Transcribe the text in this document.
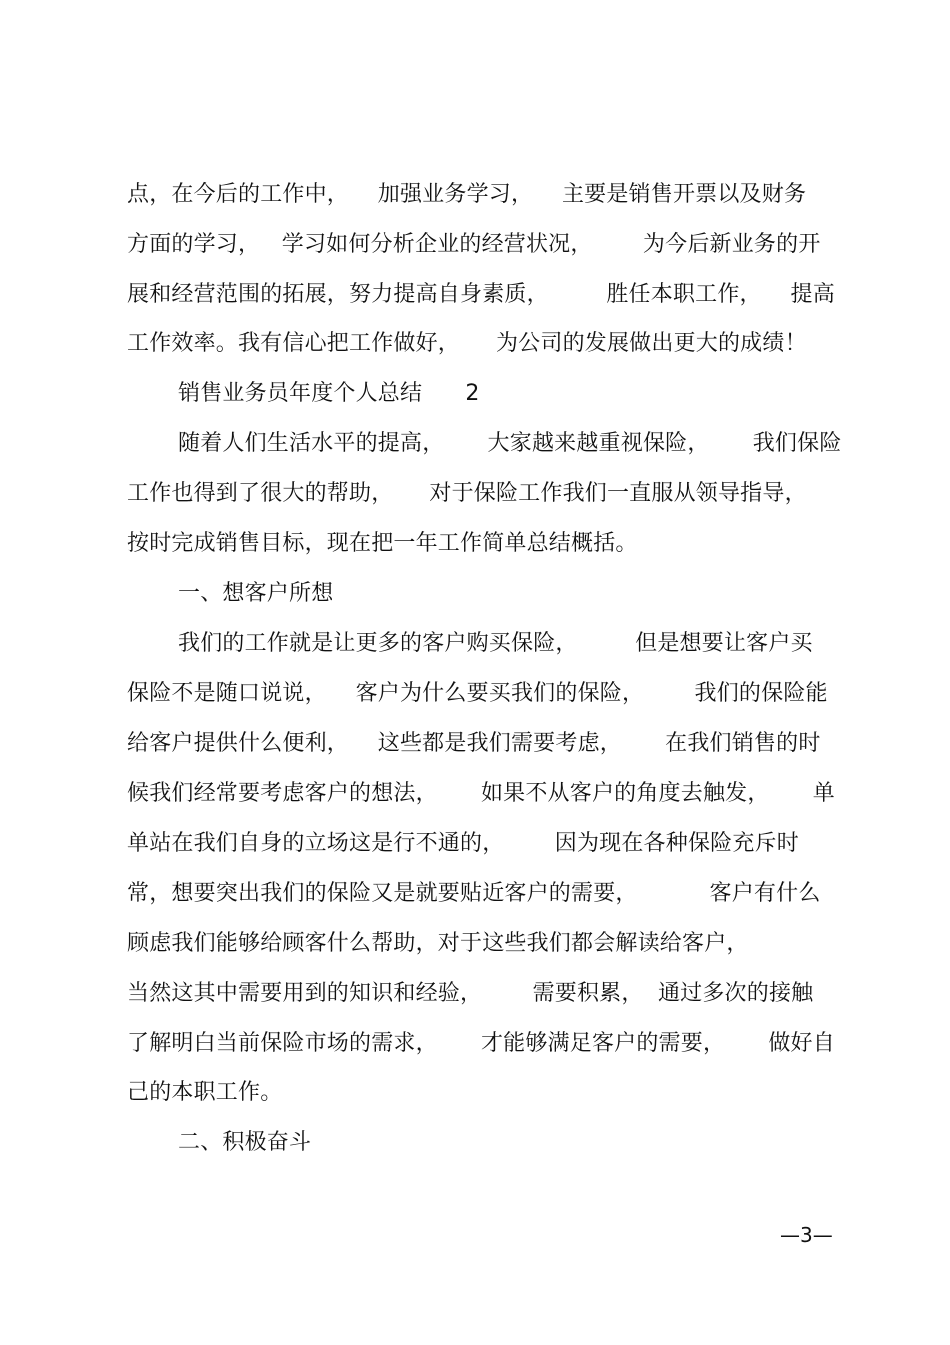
点，在今后的工作中，    加强业务学习，    主要是销售开票以及财务
方面的学习，   学习如何分析企业的经营状况，       为今后新业务的开
展和经营范围的拓展，努力提高自身素质，        胜任本职工作，    提高
工作效率。我有信心把工作做好，     为公司的发展做出更大的成绩！
销售业务员年度个人总结      2
随着人们生活水平的提高，      大家越来越重视保险，      我们保险
工作也得到了很大的帮助，     对于保险工作我们一直服从领导指导，
按时完成销售目标，现在把一年工作简单总结概括。
一、想客户所想
我们的工作就是让更多的客户购买保险，        但是想要让客户买
保险不是随口说说，    客户为什么要买我们的保险，       我们的保险能
给客户提供什么便利，    这些都是我们需要考虑，      在我们销售的时
候我们经常要考虑客户的想法，      如果不从客户的角度去触发，      单
单站在我们自身的立场这是行不通的，       因为现在各种保险充斥时
常，想要突出我们的保险又是就要贴近客户的需要，          客户有什么
顾虑我们能够给顾客什么帮助，对于这些我们都会解读给客户，
当然这其中需要用到的知识和经验，       需要积累，  通过多次的接触
了解明白当前保险市场的需求，      才能够满足客户的需要，      做好自
己的本职工作。
二、积极奋斗
—3—
